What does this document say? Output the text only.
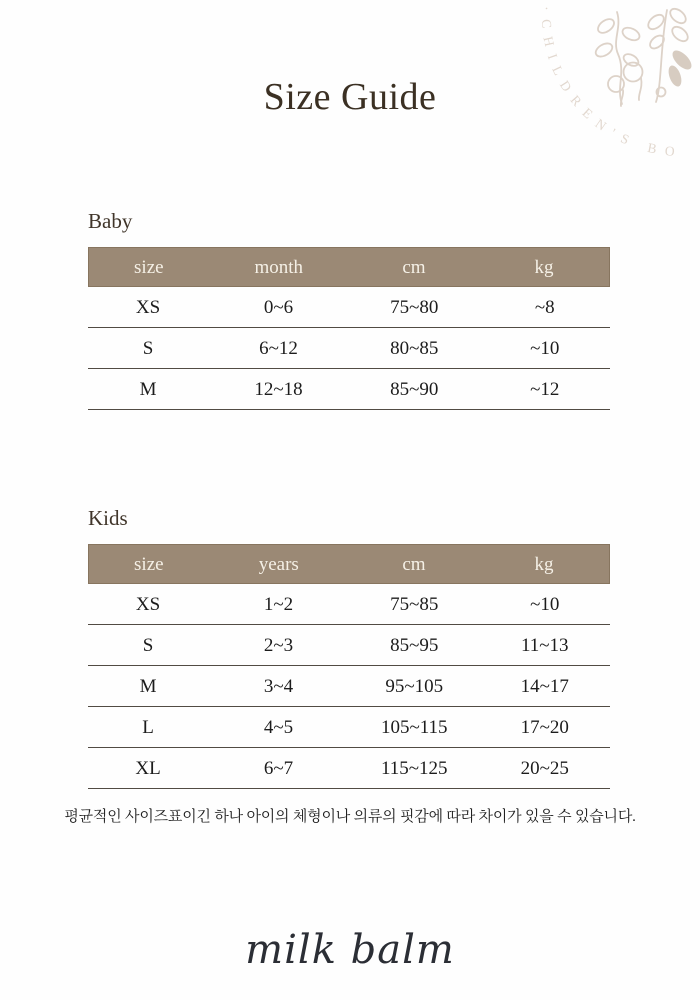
·CHILDREN'S BO
Size Guide
Baby
size	month	cm	kg
XS	0~6	75~80	~8
S	6~12	80~85	~10
M	12~18	85~90	~12
Kids
size	years	cm	kg
XS	1~2	75~85	~10
S	2~3	85~95	11~13
M	3~4	95~105	14~17
L	4~5	105~115	17~20
XL	6~7	115~125	20~25

평균적인 사이즈표이긴 하나 아이의 체형이나 의류의 핏감에 따라 차이가 있을 수 있습니다.

milk balm
